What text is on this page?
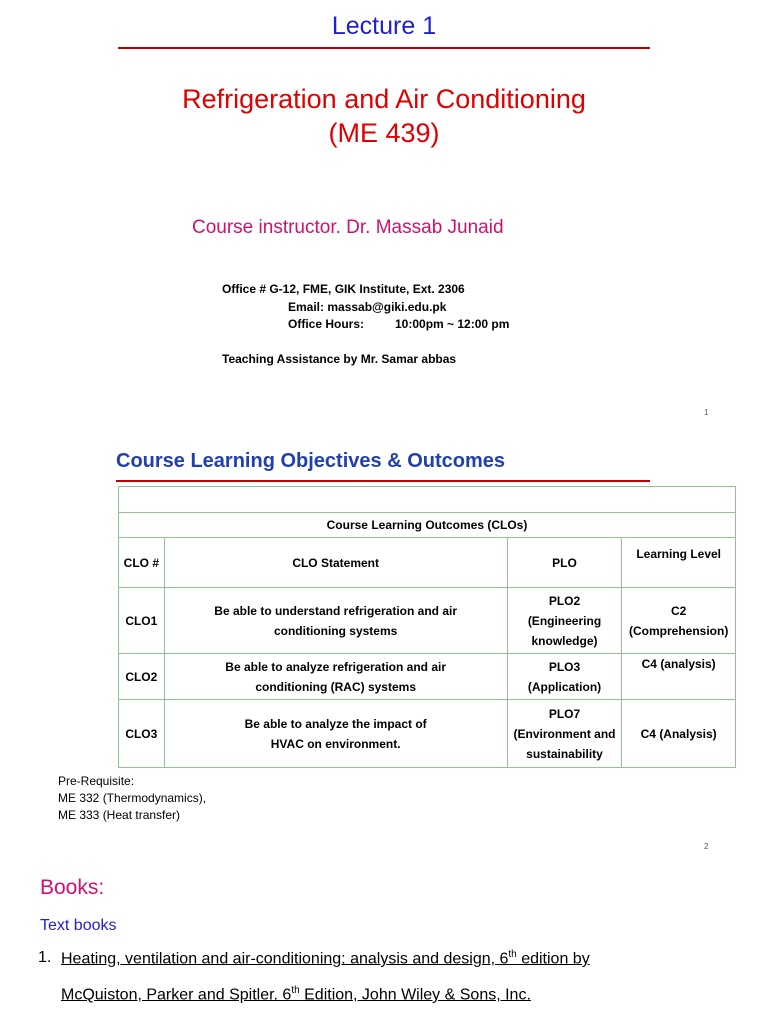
Lecture 1
Refrigeration and Air Conditioning
(ME 439)
Course instructor. Dr. Massab Junaid
Office # G-12, FME, GIK Institute, Ext. 2306
Email: massab@giki.edu.pk
Office Hours:	10:00pm ~ 12:00 pm
Teaching Assistance by Mr. Samar abbas
1
Course Learning Objectives & Outcomes

Course Learning Outcomes (CLOs)			
CLO #	CLO Statement	PLO	Learning Level
CLO1	Be able to understand refrigeration and air conditioning systems	PLO2 (Engineering knowledge)	C2 (Comprehension)
CLO2	Be able to analyze refrigeration and air conditioning (RAC) systems	PLO3 (Application)	C4 (analysis)
CLO3	Be able to analyze the impact of HVAC on environment.	PLO7 (Environment and sustainability	C4 (Analysis)
Pre-Requisite:
ME 332 (Thermodynamics),
ME 333 (Heat transfer)
2
Books:
Text books
1. Heating, ventilation and air-conditioning: analysis and design, 6th edition by
McQuiston, Parker and Spitler. 6th Edition, John Wiley & Sons, Inc.
